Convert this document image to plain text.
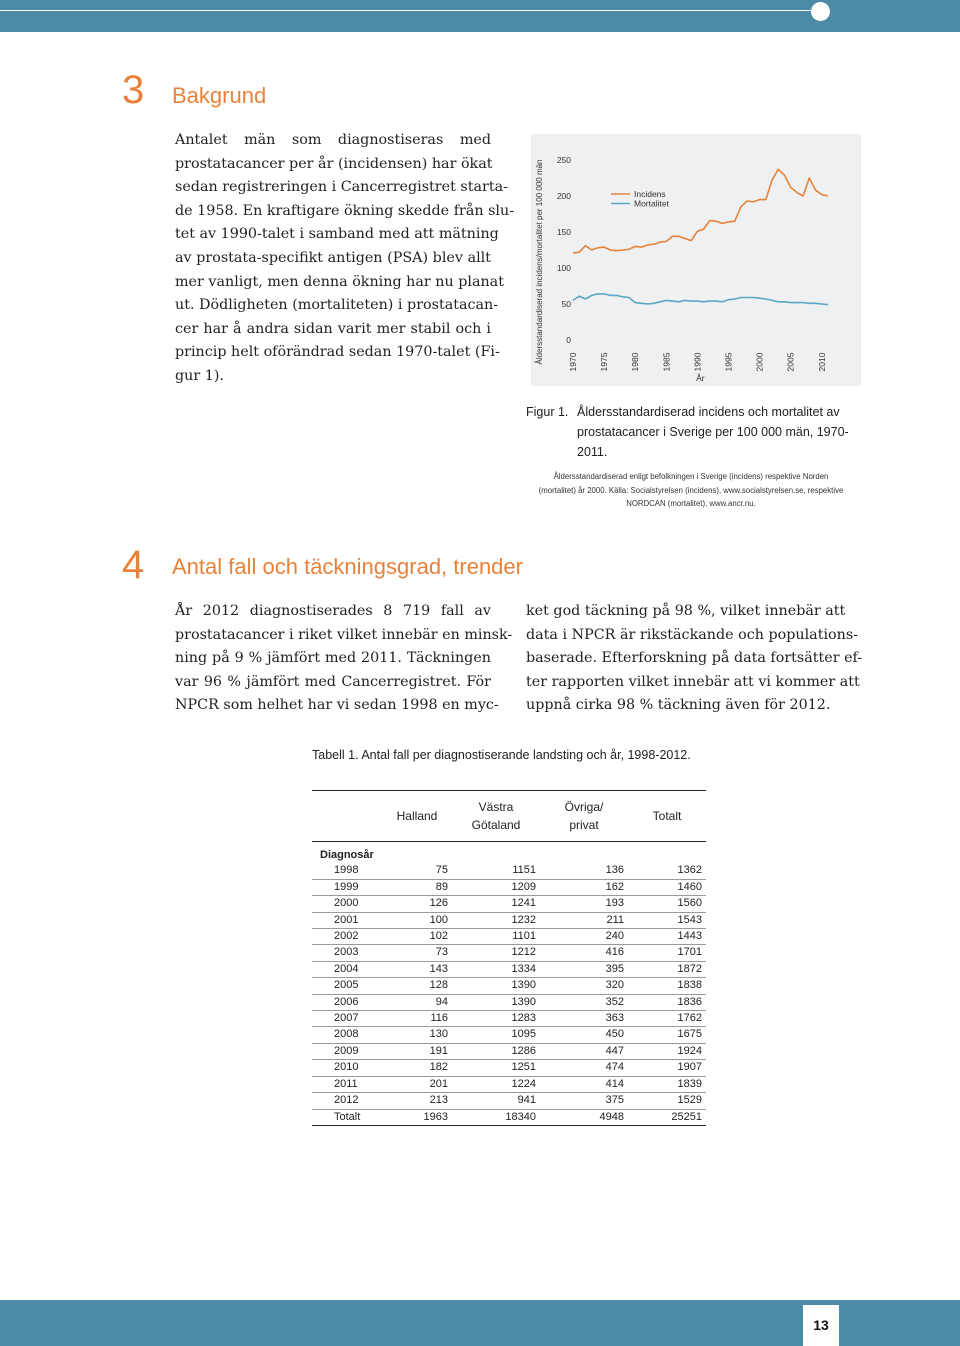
3 Bakgrund
Antalet män som diagnostiseras med
prostatacancer per år (incidensen) har ökat
sedan registreringen i Cancerregistret starta-
de 1958. En kraftigare ökning skedde från slu-
tet av 1990-talet i samband med att mätning
av prostata-specifikt antigen (PSA) blev allt
mer vanligt, men denna ökning har nu planat
ut. Dödligheten (mortaliteten) i prostatacan-
cer har å andra sidan varit mer stabil och i
princip helt oförändrad sedan 1970-talet (Fi-
gur 1).
0
50
100
150
200
250
1970 1975 1980 1985 1990 1995 2000 2005 2010
Åldersstandardiserad incidens/mortalitet per 100 000 män
År
Incidens
Mortalitet
Figur 1. Åldersstandardiserad incidens och mortalitet av
prostatacancer i Sverige per 100 000 män, 1970-
2011.
Åldersstandardiserad enligt befolkningen i Sverige (incidens) respektive Norden
(mortalitet) år 2000. Källa: Socialstyrelsen (incidens), www.socialstyrelsen.se, respektive
NORDCAN (mortalitet), www.ancr.nu.
4 Antal fall och täckningsgrad, trender
År 2012 diagnostiserades 8 719 fall av
prostatacancer i riket vilket innebär en minsk-
ning på 9 % jämfört med 2011. Täckningen
var 96 % jämfört med Cancerregistret. För
NPCR som helhet har vi sedan 1998 en myc-
ket god täckning på 98 %, vilket innebär att
data i NPCR är rikstäckande och populations-
baserade. Efterforskning på data fortsätter ef-
ter rapporten vilket innebär att vi kommer att
uppnå cirka 98 % täckning även för 2012.
Tabell 1. Antal fall per diagnostiserande landsting och år, 1998-2012.
	Halland	Västra
Götaland	Övriga/
privat	Totalt
Diagnosår				
1998	75	1151	136	1362
1999	89	1209	162	1460
2000	126	1241	193	1560
2001	100	1232	211	1543
2002	102	1101	240	1443
2003	73	1212	416	1701
2004	143	1334	395	1872
2005	128	1390	320	1838
2006	94	1390	352	1836
2007	116	1283	363	1762
2008	130	1095	450	1675
2009	191	1286	447	1924
2010	182	1251	474	1907
2011	201	1224	414	1839
2012	213	941	375	1529
Totalt	1963	18340	4948	25251
13
